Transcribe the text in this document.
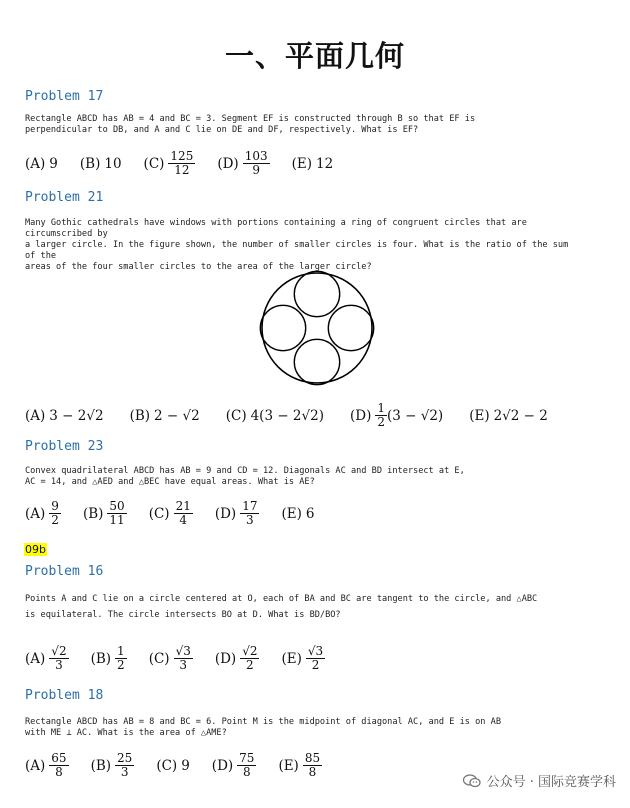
一、平面几何
Problem 17
Rectangle ABCD has AB = 4 and BC = 3. Segment EF is constructed through B so that EF is
perpendicular to DB, and A and C lie on DE and DF, respectively. What is EF?
(A) 9 (B) 10 $(C) \frac{125}{12} (D) \frac{103}{9} (E)$ 12
Problem 21
Many Gothic cathedrals have windows with portions containing a ring of congruent circles that are circumscribed by
a larger circle. In the figure shown, the number of smaller circles is four. What is the ratio of the sum of the
areas of the four smaller circles to the area of the larger circle?
(A) 3 − 2√2 (B) 2 − √2 (C) 4(3 − 2√2) $(D) \frac{1}{2} (3 - √2)$ (E) 2√2 − 2
Problem 23
Convex quadrilateral ABCD has AB = 9 and CD = 12. Diagonals AC and BD intersect at E,
AC = 14, and △AED and △BEC have equal areas. What is AE?
$(A) \frac{9}{2} (B) \frac{50}{11} (C) \frac{21}{4} (D) \frac{17}{3} (E)$ 6
09b
Problem 16
Points A and C lie on a circle centered at O, each of BA and BC are tangent to the circle, and △ABC
is equilateral. The circle intersects BO at D. What is BD/BO?
$(A) \frac{√2}{3} (B) \frac{1}{2} (C) \frac{√3}{3} (D) \frac{√2}{2} (E) \frac{√3}{2}$
Problem 18
Rectangle ABCD has AB = 8 and BC = 6. Point M is the midpoint of diagonal AC, and E is on AB
with ME ⊥ AC. What is the area of △AME?
$(A) \frac{65}{8} (B) \frac{25}{3} (C)$ 9 $(D) \frac{75}{8} (E) \frac{85}{8}$
公众号 · 国际竞赛学科
